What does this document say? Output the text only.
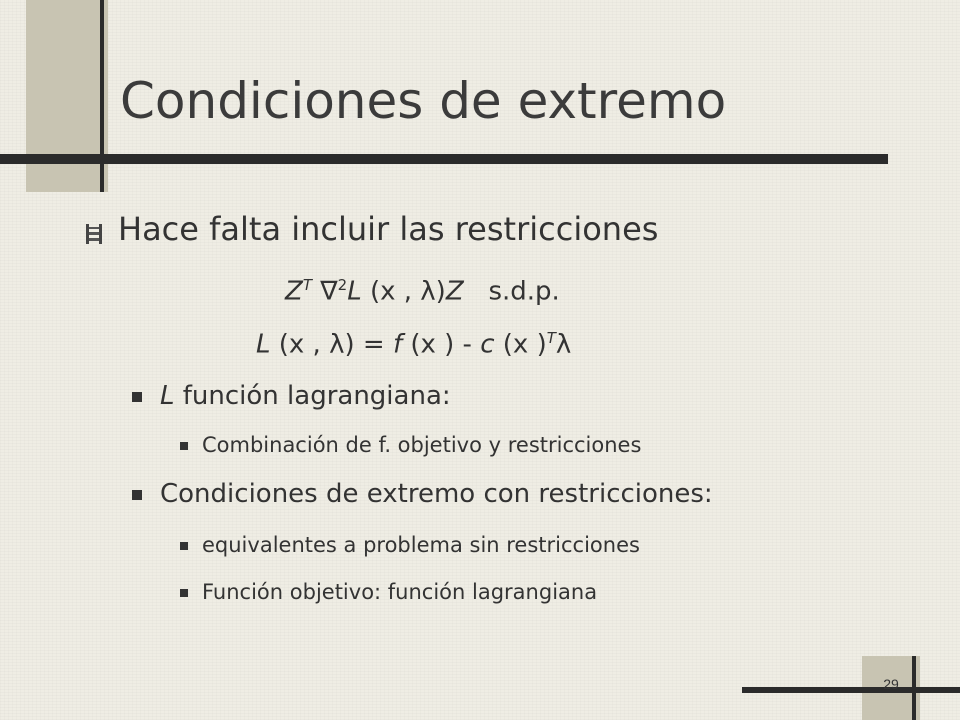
Condiciones de extremo
Hace falta incluir las restricciones
$Z^T$ ∇$^2$L (x , λ)Z s.d.p.
L (x , λ) = f (x ) - c (x )$^T$λ
L función lagrangiana:
Combinación de f. objetivo y restricciones
Condiciones de extremo con restricciones:
equivalentes a problema sin restricciones
Función objetivo: función lagrangiana
29
